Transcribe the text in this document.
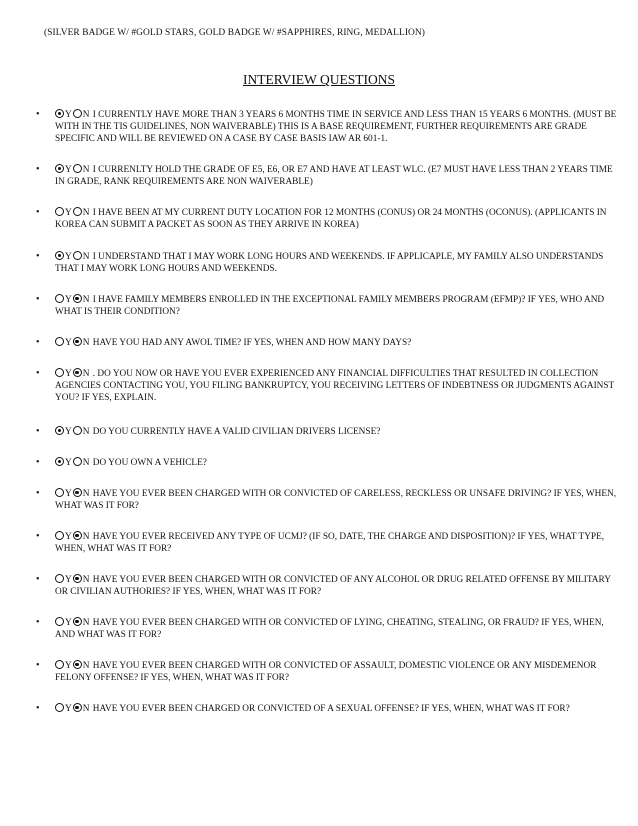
(SILVER BADGE W/ #GOLD STARS, GOLD BADGE W/ #SAPPHIRES, RING, MEDALLION)
INTERVIEW QUESTIONS
•	Y N I CURRENTLY HAVE MORE THAN 3 YEARS 6 MONTHS TIME IN SERVICE AND LESS THAN 15 YEARS 6 MONTHS. (MUST BE WITH IN THE TIS GUIDELINES, NON WAIVERABLE) THIS IS A BASE REQUIREMENT, FURTHER REQUIREMENTS ARE GRADE SPECIFIC AND WILL BE REVIEWED ON A CASE BY CASE BASIS IAW AR 601-1.
•	Y N I CURRENLTY HOLD THE GRADE OF E5, E6, OR E7 AND HAVE AT LEAST WLC. (E7 MUST HAVE LESS THAN 2 YEARS TIME IN GRADE, RANK REQUIREMENTS ARE NON WAIVERABLE)
•	Y N I HAVE BEEN AT MY CURRENT DUTY LOCATION FOR 12 MONTHS (CONUS) OR 24 MONTHS (OCONUS). (APPLICANTS IN KOREA CAN SUBMIT A PACKET AS SOON AS THEY ARRIVE IN KOREA)
•	Y N I UNDERSTAND THAT I MAY WORK LONG HOURS AND WEEKENDS. IF APPLICAPLE, MY FAMILY ALSO UNDERSTANDS THAT I MAY WORK LONG HOURS AND WEEKENDS.
•	Y N I HAVE FAMILY MEMBERS ENROLLED IN THE EXCEPTIONAL FAMILY MEMBERS PROGRAM (EFMP)? IF YES, WHO AND WHAT IS THEIR CONDITION?
•	Y N HAVE YOU HAD ANY AWOL TIME? IF YES, WHEN AND HOW MANY DAYS?
•	Y N . DO YOU NOW OR HAVE YOU EVER EXPERIENCED ANY FINANCIAL DIFFICULTIES THAT RESULTED IN COLLECTION AGENCIES CONTACTING YOU, YOU FILING BANKRUPTCY, YOU RECEIVING LETTERS OF INDEBTNESS OR JUDGMENTS AGAINST YOU? IF YES, EXPLAIN.
•	Y N DO YOU CURRENTLY HAVE A VALID CIVILIAN DRIVERS LICENSE?
•	Y N DO YOU OWN A VEHICLE?
•	Y N HAVE YOU EVER BEEN CHARGED WITH OR CONVICTED OF CARELESS, RECKLESS OR UNSAFE DRIVING? IF YES, WHEN, WHAT WAS IT FOR?
•	Y N HAVE YOU EVER RECEIVED ANY TYPE OF UCMJ? (IF SO, DATE, THE CHARGE AND DISPOSITION)? IF YES, WHAT TYPE, WHEN, WHAT WAS IT FOR?
•	Y N HAVE YOU EVER BEEN CHARGED WITH OR CONVICTED OF ANY ALCOHOL OR DRUG RELATED OFFENSE BY MILITARY OR CIVILIAN AUTHORIES? IF YES, WHEN, WHAT WAS IT FOR?
•	Y N HAVE YOU EVER BEEN CHARGED WITH OR CONVICTED OF LYING, CHEATING, STEALING, OR FRAUD? IF YES, WHEN, AND WHAT WAS IT FOR?
•	Y N HAVE YOU EVER BEEN CHARGED WITH OR CONVICTED OF ASSAULT, DOMESTIC VIOLENCE OR ANY MISDEMENOR FELONY OFFENSE? IF YES, WHEN, WHAT WAS IT FOR?
•	Y N HAVE YOU EVER BEEN CHARGED OR CONVICTED OF A SEXUAL OFFENSE? IF YES, WHEN, WHAT WAS IT FOR?
